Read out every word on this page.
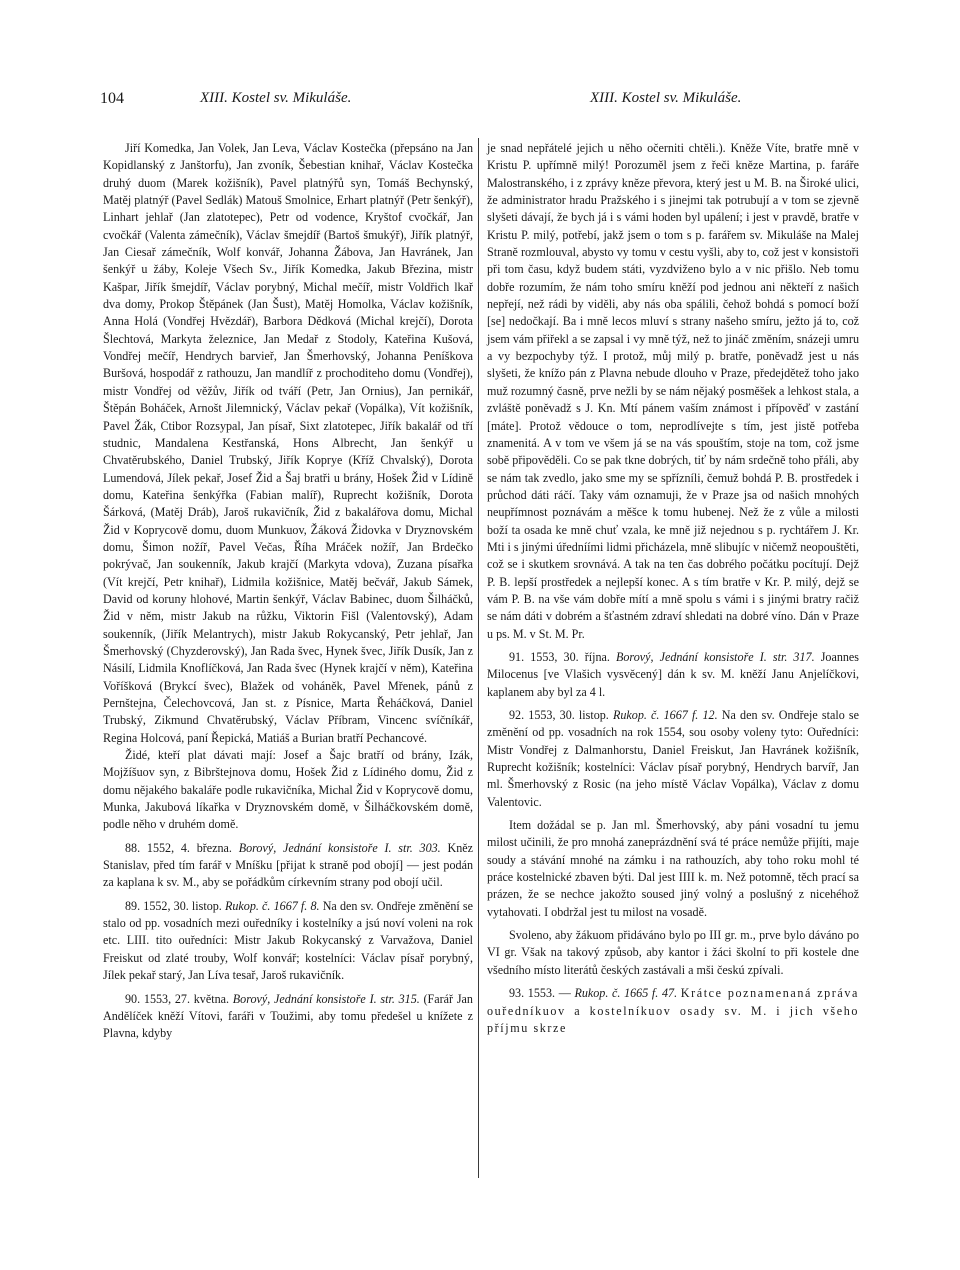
104	XIII. Kostel sv. Mikuláše.	XIII. Kostel sv. Mikuláše.

Jiří Komedka, Jan Volek, Jan Leva, Václav Kostečka (přepsáno na Jan Kopidlanský z Janštorfu), Jan zvoník, Šebestian knihař, Václav Kostečka druhý duom (Marek kožišník), Pavel platnýřů syn, Tomáš Bechynský, Matěj platnýř (Pavel Sedlák) Matouš Smolnice, Erhart platnýř (Petr šenkýř), Linhart jehlař (Jan zlatotepec), Petr od vodence, Kryštof cvočkář, Jan cvočkář (Valenta zámečník), Václav šmejdíř (Bartoš šmukýř), Jiřík platnýř, Jan Ciesař zámečník, Wolf konvář, Johanna Žábova, Jan Havránek, Jan šenkýř u žáby, Koleje Všech Sv., Jiřík Komedka, Jakub Březina, mistr Kašpar, Jiřík šmejdíř, Václav porybný, Michal mečíř, mistr Voldřich lkař dva domy, Prokop Štěpánek (Jan Šust), Matěj Homolka, Václav kožišník, Anna Holá (Vondřej Hvězdář), Barbora Dědková (Michal krejčí), Dorota Šlechtová, Markyta železnice, Jan Medař z Stodoly, Kateřina Kušová, Vondřej mečíř, Hendrych barvieř, Jan Šmerhovský, Johanna Peníškova Buršová, hospodář z rathouzu, Jan mandlíř z prochoditeho domu (Vondřej), mistr Vondřej od věžův, Jiřík od tváří (Petr, Jan Ornius), Jan pernikář, Štěpán Boháček, Arnošt Jilemnický, Václav pekař (Vopálka), Vít kožišník, Pavel Žák, Ctibor Rozsypal, Jan písař, Sixt zlatotepec, Jiřík bakalář od tří studnic, Mandalena Kestřanská, Hons Albrecht, Jan šenkýř u Chvatěrubského, Daniel Trubský, Jiřík Koprye (Kříž Chvalský), Dorota Lumendová, Jílek pekař, Josef Žid a Šaj bratři u brány, Hošek Žid v Lídině domu, Kateřina šenkýřka (Fabian malíř), Ruprecht kožišník, Dorota Šárková, (Matěj Dráb), Jaroš rukavičník, Žid z bakalářova domu, Michal Žid v Koprycově domu, duom Munkuov, Žáková Židovka v Dryznovském domu, Šimon nožíř, Pavel Večas, Říha Mráček nožíř, Jan Brdečko pokrývač, Jan soukenník, Jakub krajčí (Markyta vdova), Zuzana písařka (Vít krejčí, Petr knihař), Lidmila kožišnice, Matěj bečvář, Jakub Sámek, David od koruny hlohové, Martin šenkýř, Václav Babinec, duom Šilháčků, Žid v něm, mistr Jakub na růžku, Viktorin Fišl (Valentovský), Adam soukenník, (Jiřík Melantrych), mistr Jakub Rokycanský, Petr jehlař, Jan Šmerhovský (Chyzderovský), Jan Rada švec, Hynek švec, Jiřík Dusík, Jan z Násilí, Lidmila Knoflíčková, Jan Rada švec (Hynek krajčí v něm), Kateřina Voříšková (Brykcí švec), Blažek od voháněk, Pavel Mřenek, pánů z Pernštejna, Čelechovcová, Jan st. z Písnice, Marta Řeháčková, Daniel Trubský, Zikmund Chvatěrubský, Václav Příbram, Vincenc svíčníkář, Regina Holcová, paní Řepická, Matiáš a Burian bratří Pechancové.

Židé, kteří plat dávati mají: Josef a Šajc bratří od brány, Izák, Mojžíšuov syn, z Bibrštejnova domu, Hošek Žid z Lídiného domu, Žid z domu nějakého bakaláře podle rukavičníka, Michal Žid v Koprycově domu, Munka, Jakubová líkařka v Dryznovském domě, v Šilháčkovském domě, podle něho v druhém domě.

88. 1552, 4. března. Borový, Jednání konsistoře I. str. 303. Kněz Stanislav, před tím farář v Mníšku [přijat k straně pod obojí] — jest podán za kaplana k sv. M., aby se pořádkům církevním strany pod obojí učil.

89. 1552, 30. listop. Rukop. č. 1667 f. 8. Na den sv. Ondřeje změnění se stalo od pp. vosadních mezi ouředníky i kostelníky a jsú noví voleni na rok etc. LIII. tito ouředníci: Mistr Jakub Rokycanský z Varvažova, Daniel Freiskut od zlaté trouby, Wolf konvář; kostelníci: Václav písař porybný, Jílek pekař starý, Jan Líva tesař, Jaroš rukavičník.

90. 1553, 27. května. Borový, Jednání konsistoře I. str. 315. (Farář Jan Andělíček kněží Vítovi, faráři v Toužimi, aby tomu předešel u knížete z Plavna, kdyby

je snad nepřátelé jejich u něho očerniti chtěli.). Kněže Víte, bratře mně v Kristu P. upřímně milý! Porozuměl jsem z řeči kněze Martina, p. faráře Malostranského, i z zprávy kněze převora, který jest u M. B. na Široké ulici, že administrator hradu Pražského i s jinejmi tak potrubují a v tom se zjevně slyšeti dávají, že bych já i s vámi hoden byl upálení; i jest v pravdě, bratře v Kristu P. milý, potřebí, jakž jsem o tom s p. farářem sv. Mikuláše na Malej Straně rozmlouval, abysto vy tomu v cestu vyšli, aby to, což jest v konsistoři při tom času, když budem státi, vyzdviženo bylo a v nic přišlo. Neb tomu dobře rozumím, že nám toho smíru kněží pod jednou ani někteří z našich nepřejí, než rádi by viděli, aby nás oba spálili, čehož bohdá s pomocí boží [se] nedočkají. Ba i mně lecos mluví s strany našeho smíru, ježto já to, což jsem vám přiřekl a se zapsal i vy mně týž, než to jináč změním, snázeji umru a vy bezpochyby týž. I protož, můj milý p. bratře, poněvadž jest u nás slyšeti, že knížo pán z Plavna nebude dlouho v Praze, předejdětež toho jako muž rozumný časně, prve nežli by se nám nějaký posměšek a lehkost stala, a zvláště poněvadž s J. Kn. Mtí pánem vaším známost i přípověď v zastání [máte]. Protož vědouce o tom, neprodlívejte s tím, jest jistě potřeba znamenitá. A v tom ve všem já se na vás spouštím, stoje na tom, což jsme sobě připověděli. Co se pak tkne dobrých, tiť by nám srdečně toho přáli, aby se nám tak zvedlo, jako sme my se spřízníli, čemuž bohdá P. B. prostředek i průchod dáti ráčí. Taky vám oznamuji, že v Praze jsa od našich mnohých neupřímnost poznávám a měšce k tomu hubenej. Než že z vůle a milosti boží ta osada ke mně chuť vzala, ke mně již nejednou s p. rychtářem J. Kr. Mti i s jinými úředníími lidmi přicházela, mně slibujíc v ničemž neopouštěti, což se i skutkem srovnává. A tak na ten čas dobrého počátku pocítují. Dejž P. B. lepší prostředek a nejlepší konec. A s tím bratře v Kr. P. milý, dejž se vám P. B. na vše vám dobře mítí a mně spolu s vámi i s jinými bratry račiž se nám dáti v dobrém a šťastném zdraví shledati na dobré víno. Dán v Praze u ps. M. v St. M. Pr.

91. 1553, 30. října. Borový, Jednání konsistoře I. str. 317. Joannes Milocenus [ve Vlašich vysvěcený] dán k sv. M. kněží Janu Anjelíčkovi, kaplanem aby byl za 4 l.

92. 1553, 30. listop. Rukop. č. 1667 f. 12. Na den sv. Ondřeje stalo se změnění od pp. vosadních na rok 1554, sou osoby voleny tyto: Ouředníci: Mistr Vondřej z Dalmanhorstu, Daniel Freiskut, Jan Havránek kožišník, Ruprecht kožišník; kostelníci: Václav písař porybný, Hendrych barvíř, Jan ml. Šmerhovský z Rosic (na jeho místě Václav Vopálka), Václav z domu Valentovic.

Item dožádal se p. Jan ml. Šmerhovský, aby páni vosadní tu jemu milost učinili, že pro mnohá zaneprázdnění svá té práce nemůže přijíti, maje soudy a stávání mnohé na zámku i na rathouzích, aby toho roku mohl té práce kostelnické zbaven býti. Dal jest IIII k. m. Než potomně, těch prací sa prázen, že se nechce jakožto soused jiný volný a poslušný z nicehéhož vytahovati. I obdržal jest tu milost na vosadě.

Svoleno, aby žákuom přidáváno bylo po III gr. m., prve bylo dáváno po VI gr. Však na takový způsob, aby kantor i žáci školní to při kostele dne všedního místo literátů českých zastávali a mši českú zpívali.

93. 1553. — Rukop. č. 1665 f. 47. Krátce poznamenaná zpráva ouředníkuov a kostelníkuov osady sv. M. i jich všeho příjmu skrze
